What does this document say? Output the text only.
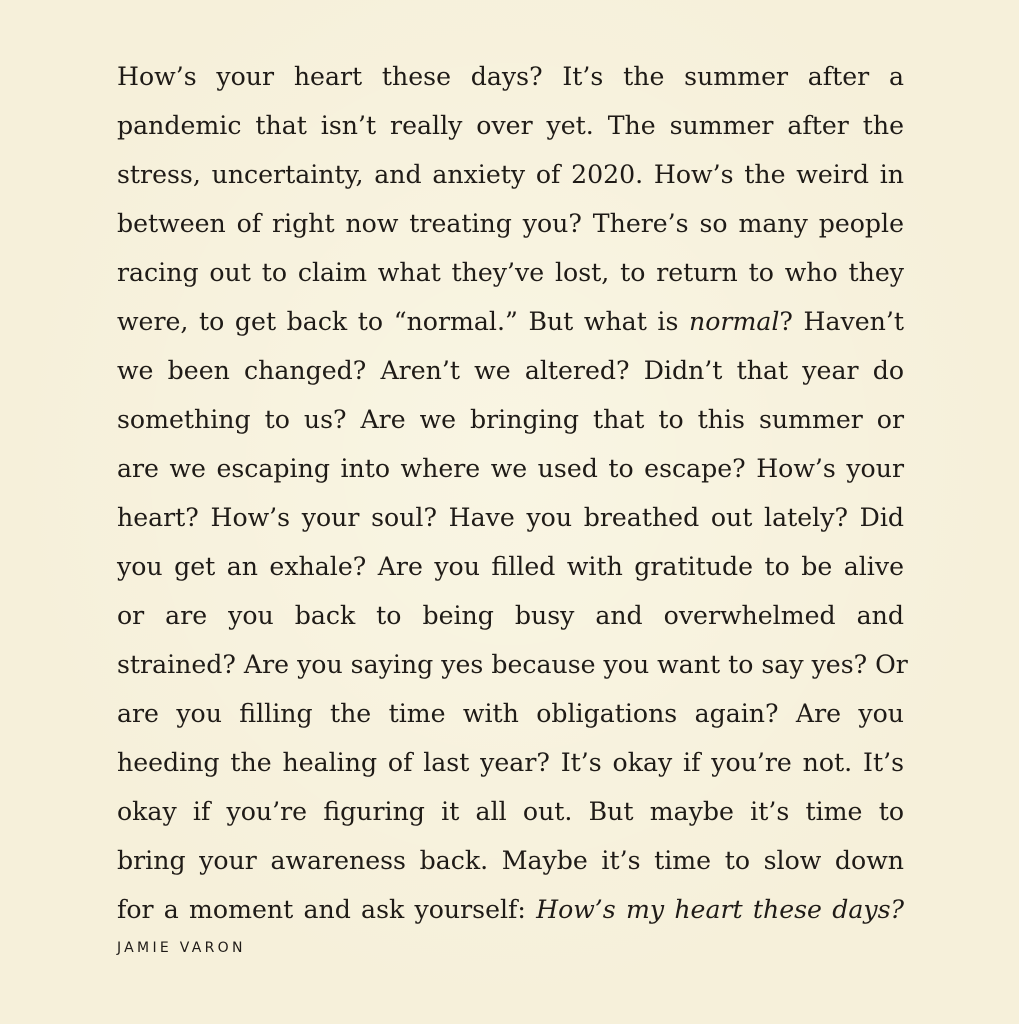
How’s your heart these days? It’s the summer after a
pandemic that isn’t really over yet. The summer after the
stress, uncertainty, and anxiety of 2020. How’s the weird in
between of right now treating you? There’s so many people
racing out to claim what they’ve lost, to return to who they
were, to get back to “normal.” But what is normal? Haven’t
we been changed? Aren’t we altered? Didn’t that year do
something to us? Are we bringing that to this summer or
are we escaping into where we used to escape? How’s your
heart? How’s your soul? Have you breathed out lately? Did
you get an exhale? Are you filled with gratitude to be alive
or are you back to being busy and overwhelmed and
strained? Are you saying yes because you want to say yes? Or
are you filling the time with obligations again? Are you
heeding the healing of last year? It’s okay if you’re not. It’s
okay if you’re figuring it all out. But maybe it’s time to
bring your awareness back. Maybe it’s time to slow down
for a moment and ask yourself: How’s my heart these days?
JAMIE VARON
